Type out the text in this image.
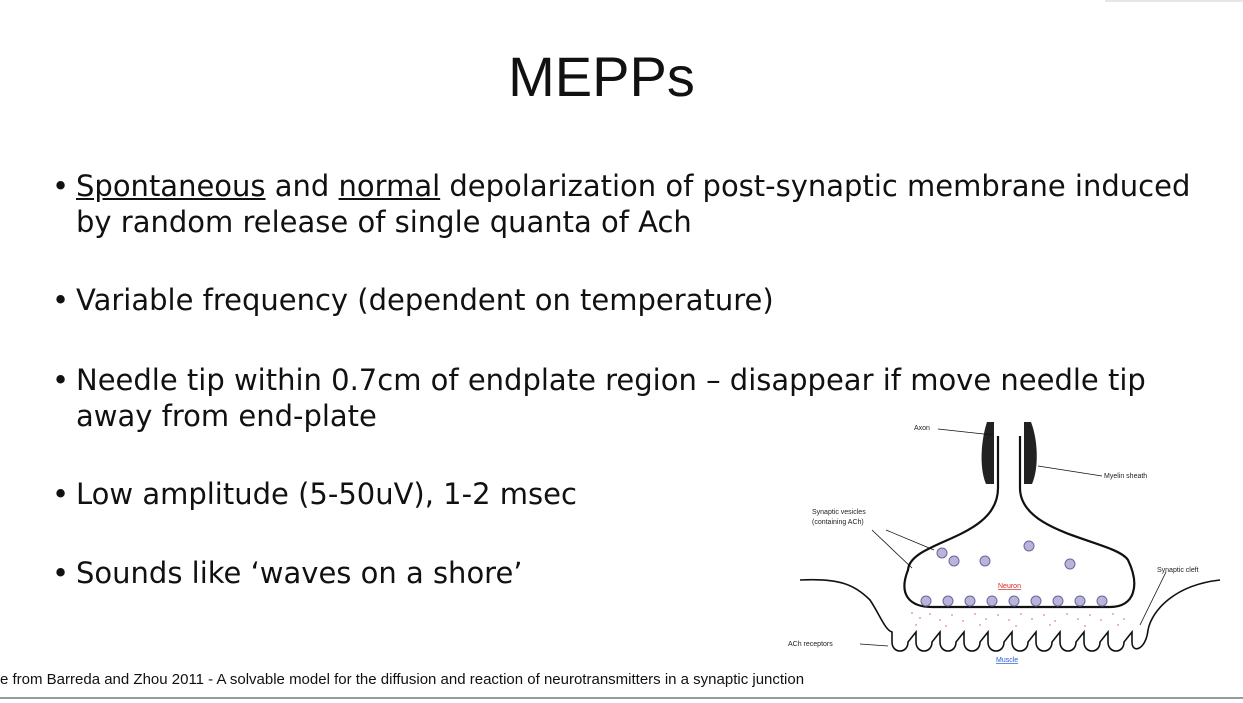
MEPPs
• Spontaneous and normal depolarization of post-synaptic membrane induced by random release of single quanta of Ach
• Variable frequency (dependent on temperature)
• Needle tip within 0.7cm of endplate region – disappear if move needle tip away from end-plate
• Low amplitude (5-50uV), 1-2 msec
• Sounds like ‘waves on a shore’
Axon
Myelin sheath
Synaptic vesicles
(containing ACh)
Synaptic cleft
Neuron
ACh receptors
Muscle
e from Barreda and Zhou 2011 - A solvable model for the diffusion and reaction of neurotransmitters in a synaptic junction
